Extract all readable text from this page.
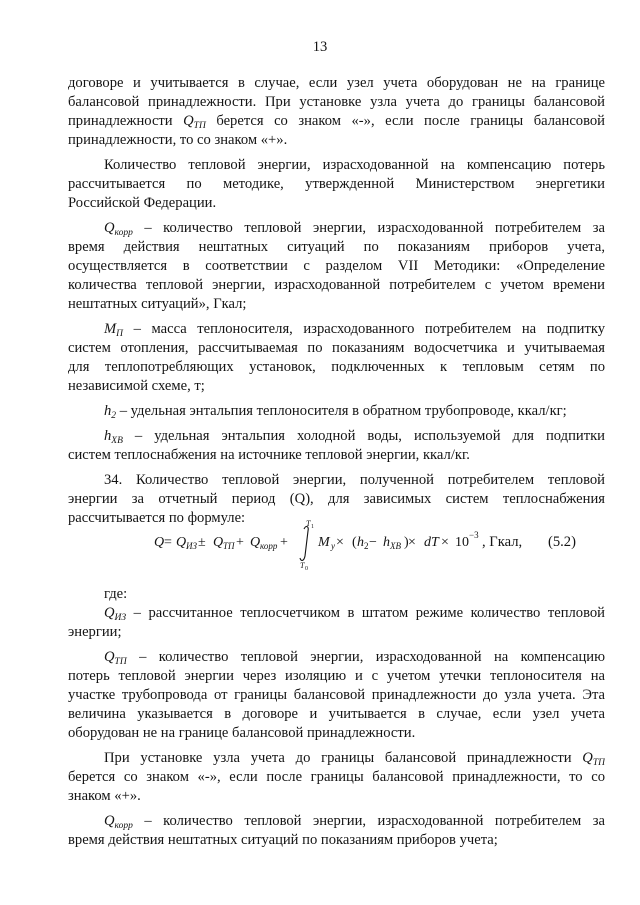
13
договоре и учитывается в случае, если узел учета оборудован не на границе
балансовой принадлежности. При установке узла учета до границы балансовой
принадлежности $Q_{ТП}$ берется со знаком «-», если после границы балансовой
принадлежности, то со знаком «+».
Количество тепловой энергии, израсходованной на компенсацию потерь
рассчитывается по методике, утвержденной Министерством энергетики
Российской Федерации.
$Q_{корр}$ – количество тепловой энергии, израсходованной потребителем за
время действия нештатных ситуаций по показаниям приборов учета,
осуществляется в соответствии с разделом VII Методики: «Определение
количества тепловой энергии, израсходованной потребителем с учетом времени
нештатных ситуаций», Гкал;
$M_П$ – масса теплоносителя, израсходованного потребителем на подпитку
систем отопления, рассчитываемая по показаниям водосчетчика и учитываемая
для теплопотребляющих установок, подключенных к тепловым сетям по
независимой схеме, т;
$h_2$ – удельная энтальпия теплоносителя в обратном трубопроводе, ккал/кг;
$h_{ХВ}$ – удельная энтальпия холодной воды, используемой для подпитки
систем теплоснабжения на источнике тепловой энергии, ккал/кг.
34. Количество тепловой энергии, полученной потребителем тепловой
энергии за отчетный период (Q), для зависимых систем теплоснабжения
рассчитывается по формуле:
Q = Q ИЗ ± Q ТП + Q корр +
T 1
T 0
M у × ( h 2 − h ХВ ) × dT × 10 −3 , Гкал, (5.2)
где:
$Q_{ИЗ}$ – рассчитанное теплосчетчиком в штатом режиме количество тепловой
энергии;
$Q_{ТП}$ – количество тепловой энергии, израсходованной на компенсацию
потерь тепловой энергии через изоляцию и с учетом утечки теплоносителя на
участке трубопровода от границы балансовой принадлежности до узла учета. Эта
величина указывается в договоре и учитывается в случае, если узел учета
оборудован не на границе балансовой принадлежности.
При установке узла учета до границы балансовой принадлежности $Q_{ТП}$
берется со знаком «-», если после границы балансовой принадлежности, то со
знаком «+».
$Q_{корр}$ – количество тепловой энергии, израсходованной потребителем за
время действия нештатных ситуаций по показаниям приборов учета;
